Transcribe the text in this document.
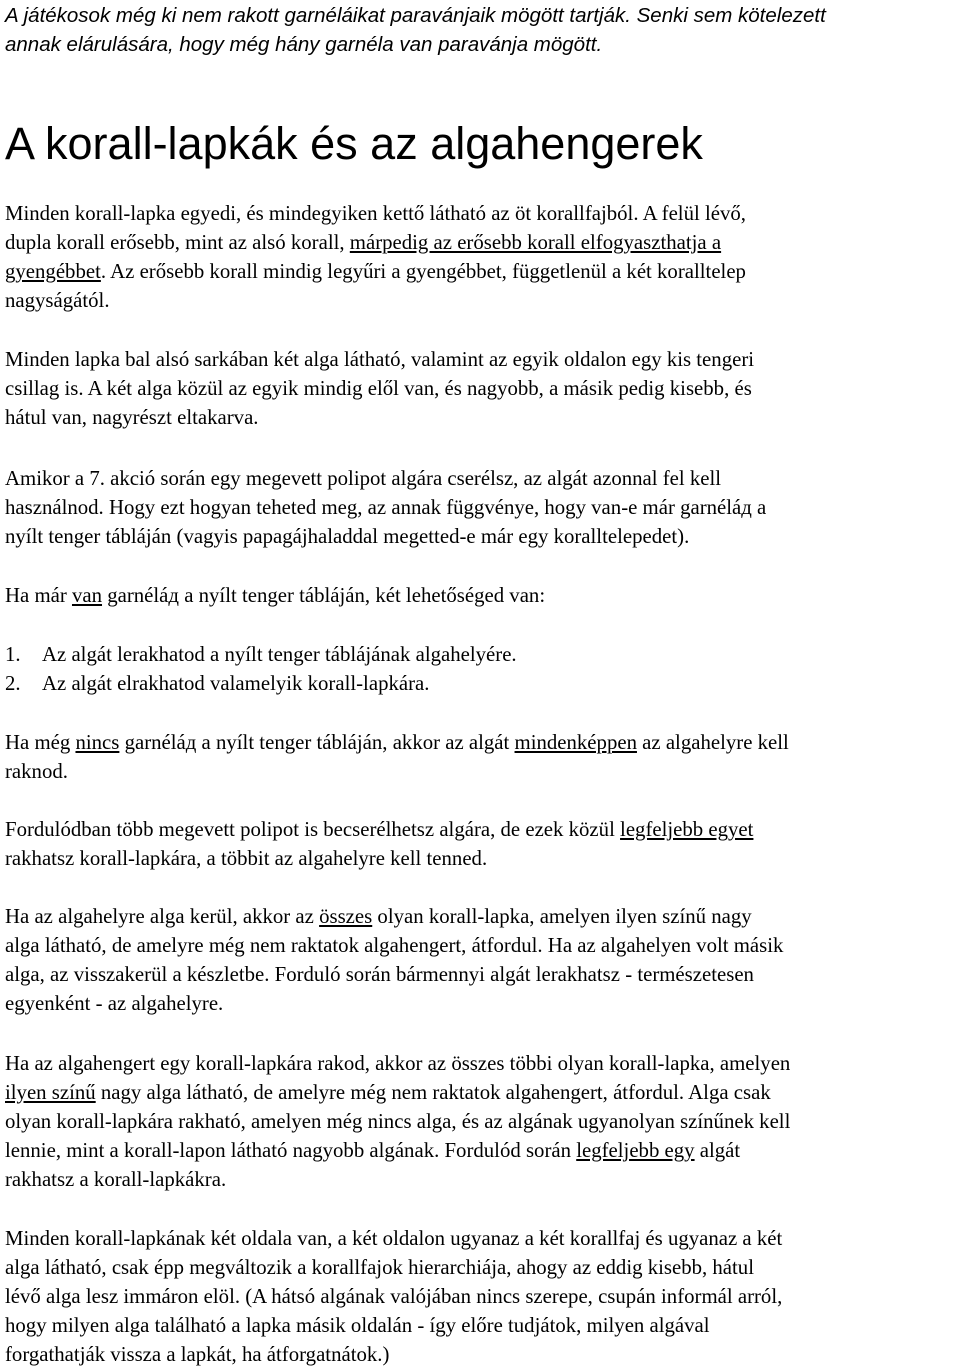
A játékosok még ki nem rakott garnéláikat paravánjaik mögött tartják. Senki sem kötelezett
annak elárulására, hogy még hány garnéla van paravánja mögött.

A korall-lapkák és az algahengerek

Minden korall-lapka egyedi, és mindegyiken kettő látható az öt korallfajból. A felül lévő,
dupla korall erősebb, mint az alsó korall, márpedig az erősebb korall elfogyaszthatja a
gyengébbet. Az erősebb korall mindig legyűri a gyengébbet, függetlenül a két koralltelep
nagyságától.

Minden lapka bal alsó sarkában két alga látható, valamint az egyik oldalon egy kis tengeri
csillag is. A két alga közül az egyik mindig elől van, és nagyobb, a másik pedig kisebb, és
hátul van, nagyrészt eltakarva.

Amikor a 7. akció során egy megevett polipot algára cserélsz, az algát azonnal fel kell
használnod. Hogy ezt hogyan teheted meg, az annak függvénye, hogy van-e már garnéláд a
nyílt tenger tábláján (vagyis papagájhaladdal megetted-e már egy koralltelepedet).

Ha már van garnéláд a nyílt tenger tábláján, két lehetőséged van:

1. Az algát lerakhatod a nyílt tenger táblájának algahelyére.
2. Az algát elrakhatod valamelyik korall-lapkára.

Ha még nincs garnéláд a nyílt tenger tábláján, akkor az algát mindenképpen az algahelyre kell
raknod.

Fordulódban több megevett polipot is becserélhetsz algára, de ezek közül legfeljebb egyet
rakhatsz korall-lapkára, a többit az algahelyre kell tenned.

Ha az algahelyre alga kerül, akkor az összes olyan korall-lapka, amelyen ilyen színű nagy
alga látható, de amelyre még nem raktatok algahengert, átfordul. Ha az algahelyen volt másik
alga, az visszakerül a készletbe. Forduló során bármennyi algát lerakhatsz - természetesen
egyenként - az algahelyre.

Ha az algahengert egy korall-lapkára rakod, akkor az összes többi olyan korall-lapka, amelyen
ilyen színű nagy alga látható, de amelyre még nem raktatok algahengert, átfordul. Alga csak
olyan korall-lapkára rakható, amelyen még nincs alga, és az algának ugyanolyan színűnek kell
lennie, mint a korall-lapon látható nagyobb algának. Fordulód során legfeljebb egy algát
rakhatsz a korall-lapkákra.

Minden korall-lapkának két oldala van, a két oldalon ugyanaz a két korallfaj és ugyanaz a két
alga látható, csak épp megváltozik a korallfajok hierarchiája, ahogy az eddig kisebb, hátul
lévő alga lesz immáron elöl. (A hátsó algának valójában nincs szerepe, csupán informál arról,
hogy milyen alga található a lapka másik oldalán - így előre tudjátok, milyen algával
forgathatják vissza a lapkát, ha átforgatnátok.)
